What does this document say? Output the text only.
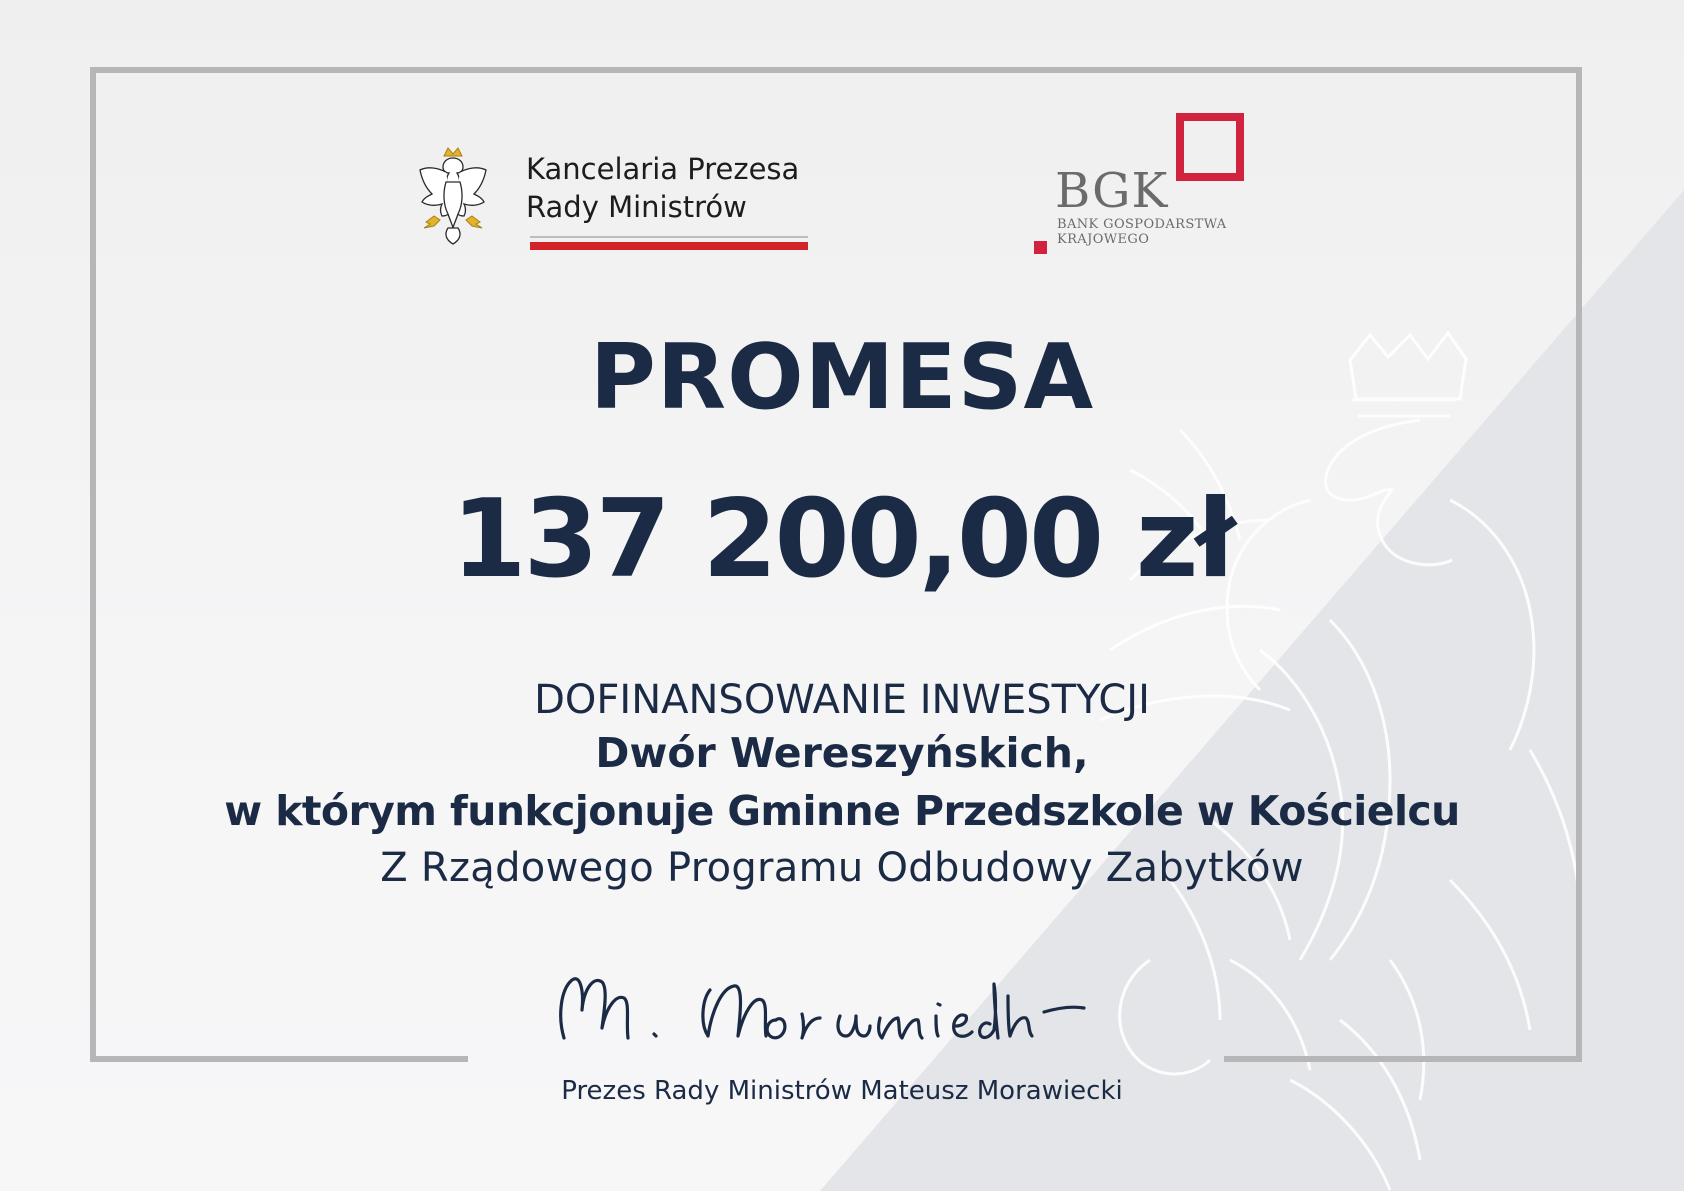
Kancelaria Prezesa
Rady Ministrów	BGK
BANK GOSPODARSTWA
KRAJOWEGO
PROMESA
137 200,00 zł
DOFINANSOWANIE INWESTYCJI
Dwór Wereszyńskich,
w którym funkcjonuje Gminne Przedszkole w Kościelcu
Z Rządowego Programu Odbudowy Zabytków
Prezes Rady Ministrów Mateusz Morawiecki
